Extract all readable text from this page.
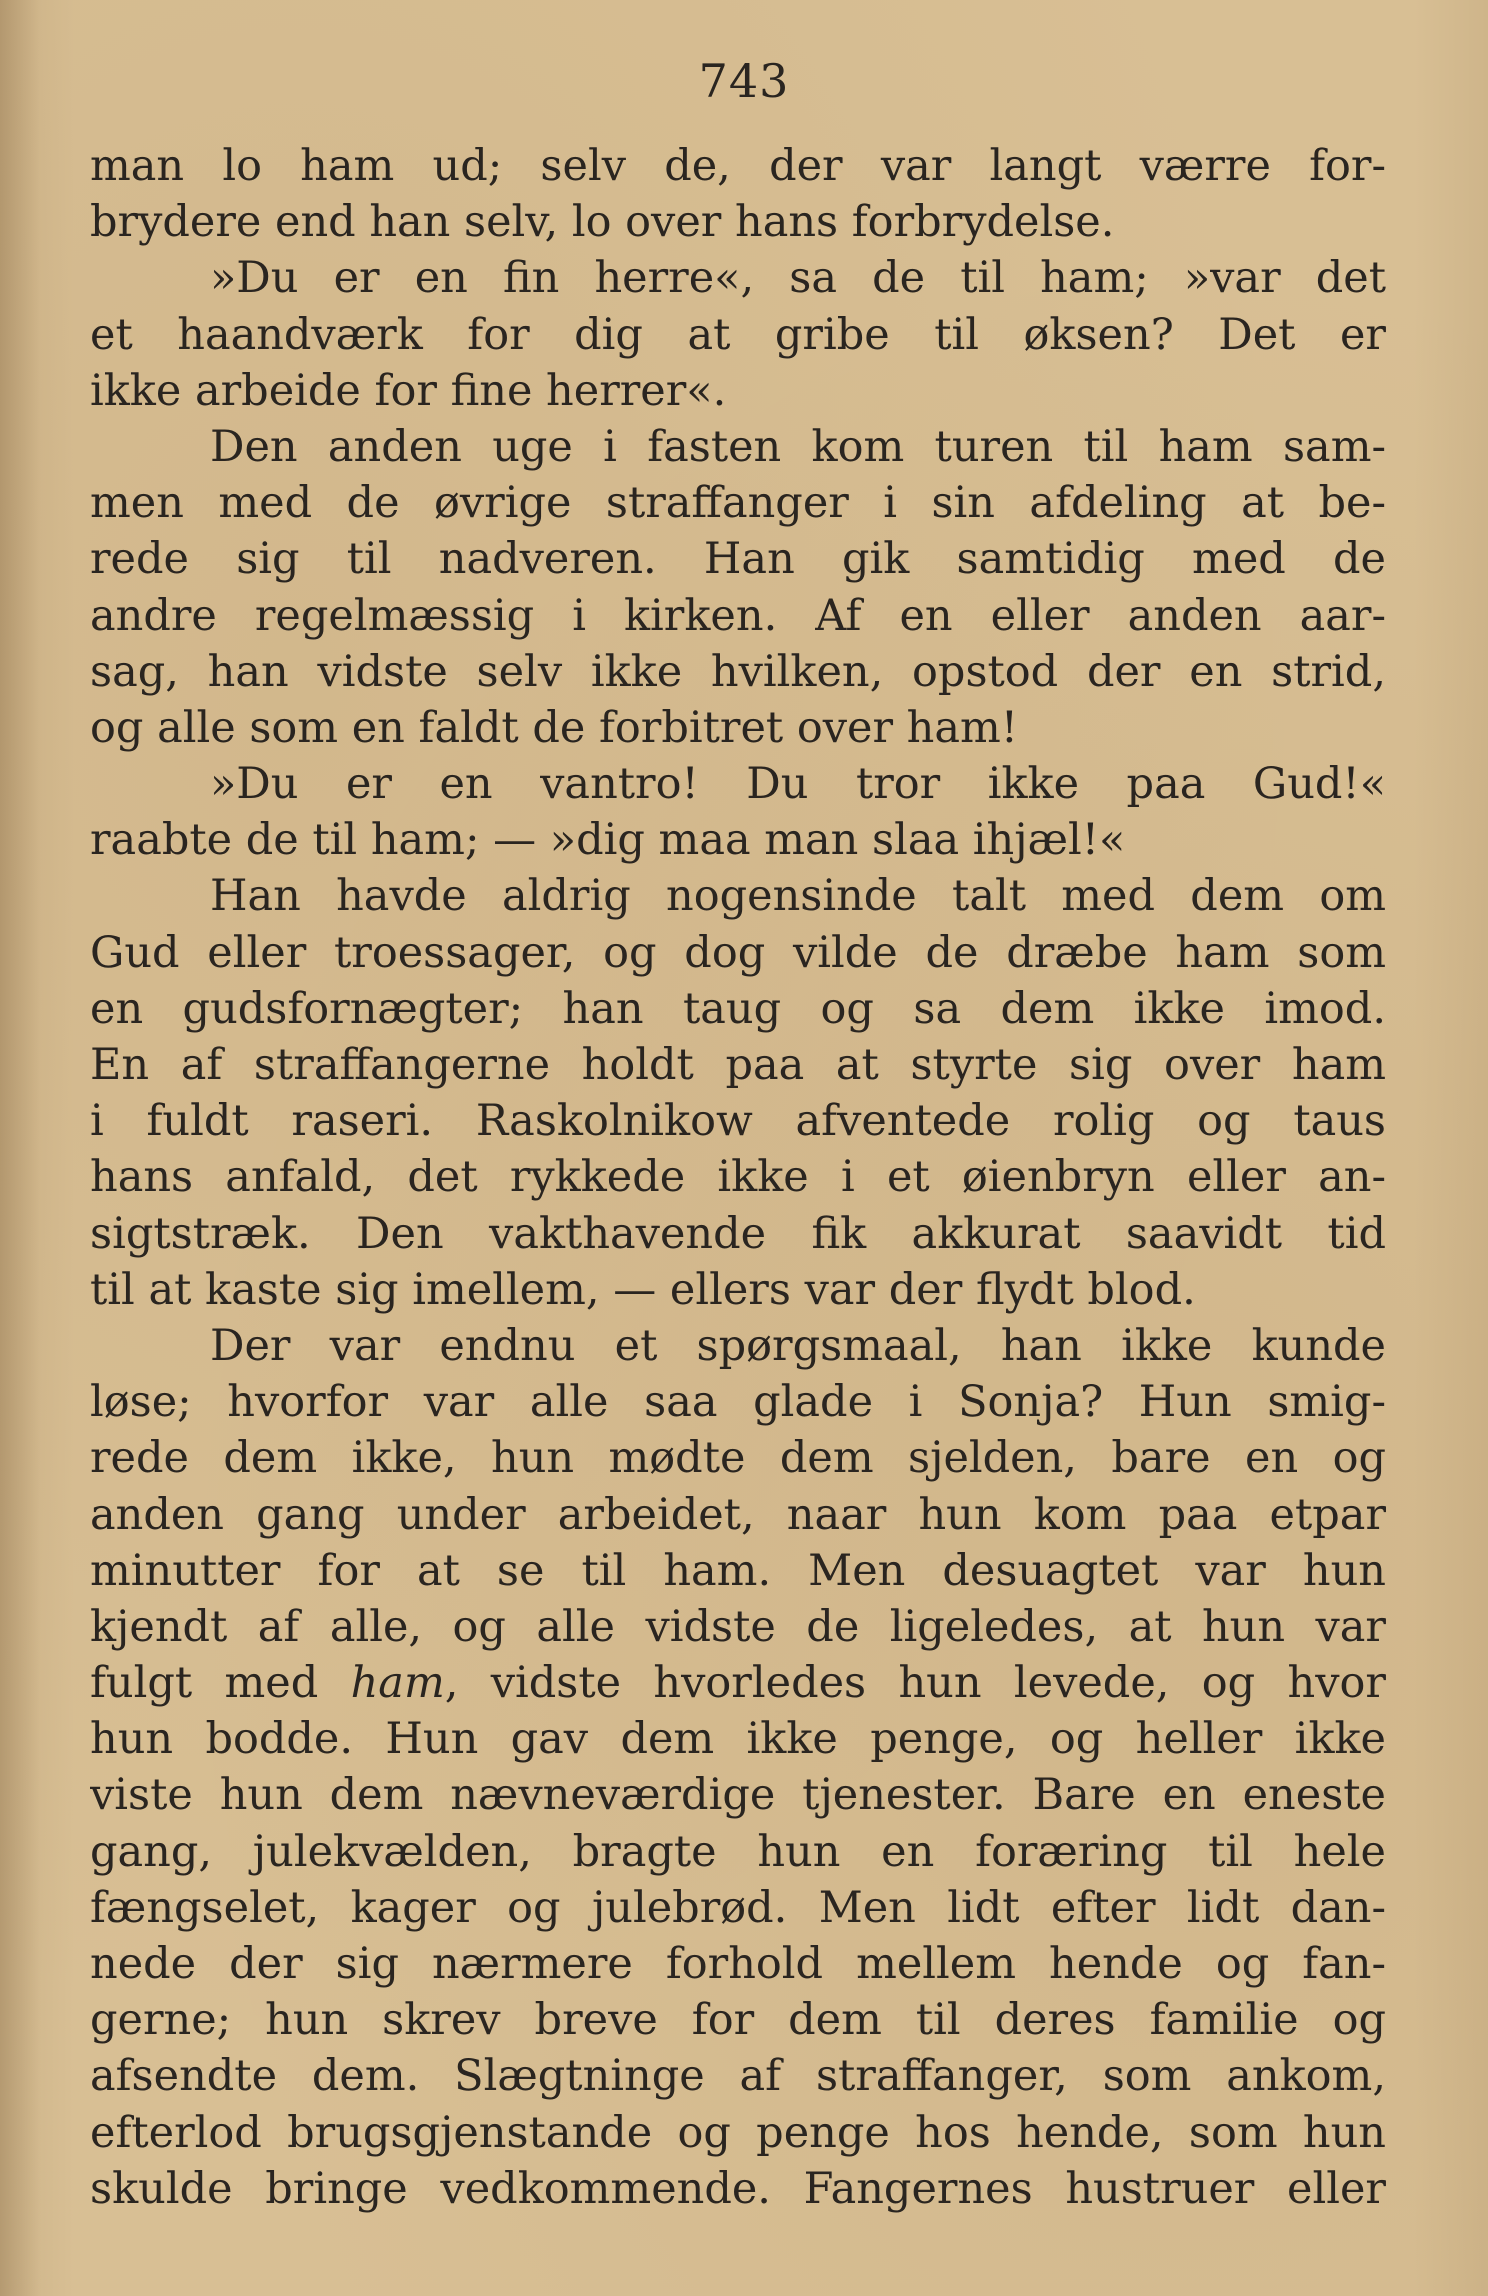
743
man lo ham ud; selv de, der var langt værre for-
brydere end han selv, lo over hans forbrydelse.
»Du er en fin herre«, sa de til ham; »var det
et haandværk for dig at gribe til øksen? Det er
ikke arbeide for fine herrer«.
Den anden uge i fasten kom turen til ham sam-
men med de øvrige straffanger i sin afdeling at be-
rede sig til nadveren. Han gik samtidig med de
andre regelmæssig i kirken. Af en eller anden aar-
sag, han vidste selv ikke hvilken, opstod der en strid,
og alle som en faldt de forbitret over ham!
»Du er en vantro! Du tror ikke paa Gud!«
raabte de til ham; — »dig maa man slaa ihjæl!«
Han havde aldrig nogensinde talt med dem om
Gud eller troessager, og dog vilde de dræbe ham som
en gudsfornægter; han taug og sa dem ikke imod.
En af straffangerne holdt paa at styrte sig over ham
i fuldt raseri. Raskolnikow afventede rolig og taus
hans anfald, det rykkede ikke i et øienbryn eller an-
sigtstræk. Den vakthavende fik akkurat saavidt tid
til at kaste sig imellem, — ellers var der flydt blod.
Der var endnu et spørgsmaal, han ikke kunde
løse; hvorfor var alle saa glade i Sonja? Hun smig-
rede dem ikke, hun mødte dem sjelden, bare en og
anden gang under arbeidet, naar hun kom paa etpar
minutter for at se til ham. Men desuagtet var hun
kjendt af alle, og alle vidste de ligeledes, at hun var
fulgt med ham, vidste hvorledes hun levede, og hvor
hun bodde. Hun gav dem ikke penge, og heller ikke
viste hun dem nævneværdige tjenester. Bare en eneste
gang, julekvælden, bragte hun en foræring til hele
fængselet, kager og julebrød. Men lidt efter lidt dan-
nede der sig nærmere forhold mellem hende og fan-
gerne; hun skrev breve for dem til deres familie og
afsendte dem. Slægtninge af straffanger, som ankom,
efterlod brugsgjenstande og penge hos hende, som hun
skulde bringe vedkommende. Fangernes hustruer eller
